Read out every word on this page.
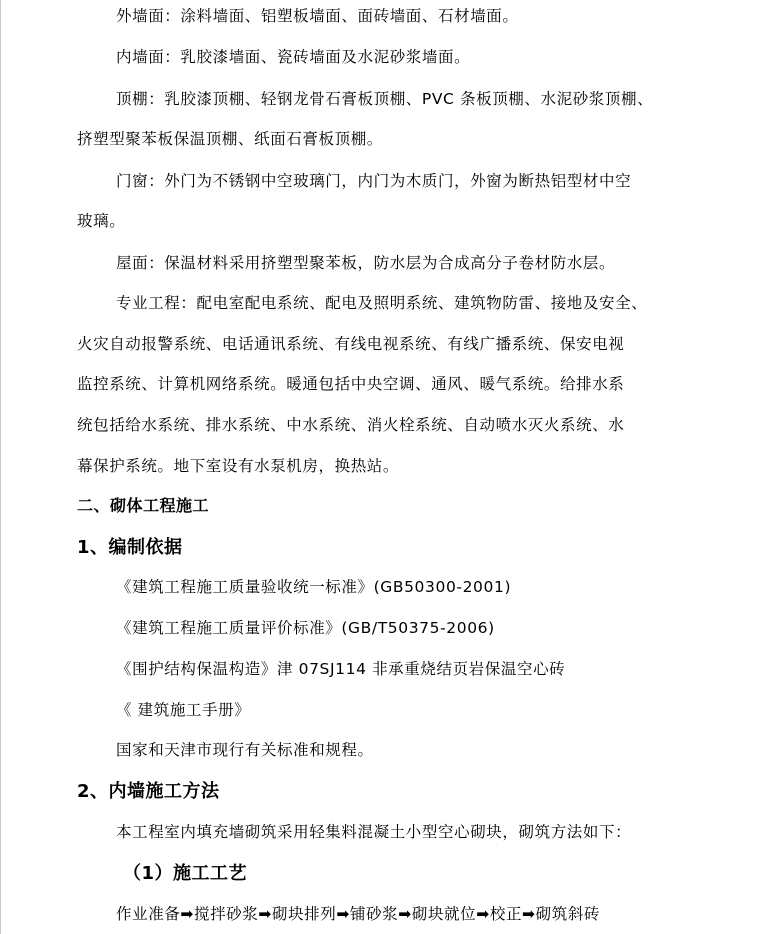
外墙面：涂料墙面、铝塑板墙面、面砖墙面、石材墙面。
内墙面：乳胶漆墙面、瓷砖墙面及水泥砂浆墙面。
顶棚：乳胶漆顶棚、轻钢龙骨石膏板顶棚、PVC 条板顶棚、水泥砂浆顶棚、
挤塑型聚苯板保温顶棚、纸面石膏板顶棚。
门窗：外门为不锈钢中空玻璃门，内门为木质门，外窗为断热铝型材中空
玻璃。
屋面：保温材料采用挤塑型聚苯板，防水层为合成高分子卷材防水层。
专业工程：配电室配电系统、配电及照明系统、建筑物防雷、接地及安全、
火灾自动报警系统、电话通讯系统、有线电视系统、有线广播系统、保安电视
监控系统、计算机网络系统。暖通包括中央空调、通风、暖气系统。给排水系
统包括给水系统、排水系统、中水系统、消火栓系统、自动喷水灭火系统、水
幕保护系统。地下室设有水泵机房，换热站。
二、砌体工程施工
1、编制依据
《建筑工程施工质量验收统一标准》(GB50300-2001)
《建筑工程施工质量评价标准》(GB/T50375-2006)
《围护结构保温构造》津 07SJ114 非承重烧结页岩保温空心砖
《 建筑施工手册》
国家和天津市现行有关标准和规程。
2、内墙施工方法
本工程室内填充墙砌筑采用轻集料混凝土小型空心砌块，砌筑方法如下：
（1）施工工艺
作业准备➡搅拌砂浆➡砌块排列➡铺砂浆➡砌块就位➡校正➡砌筑斜砖
